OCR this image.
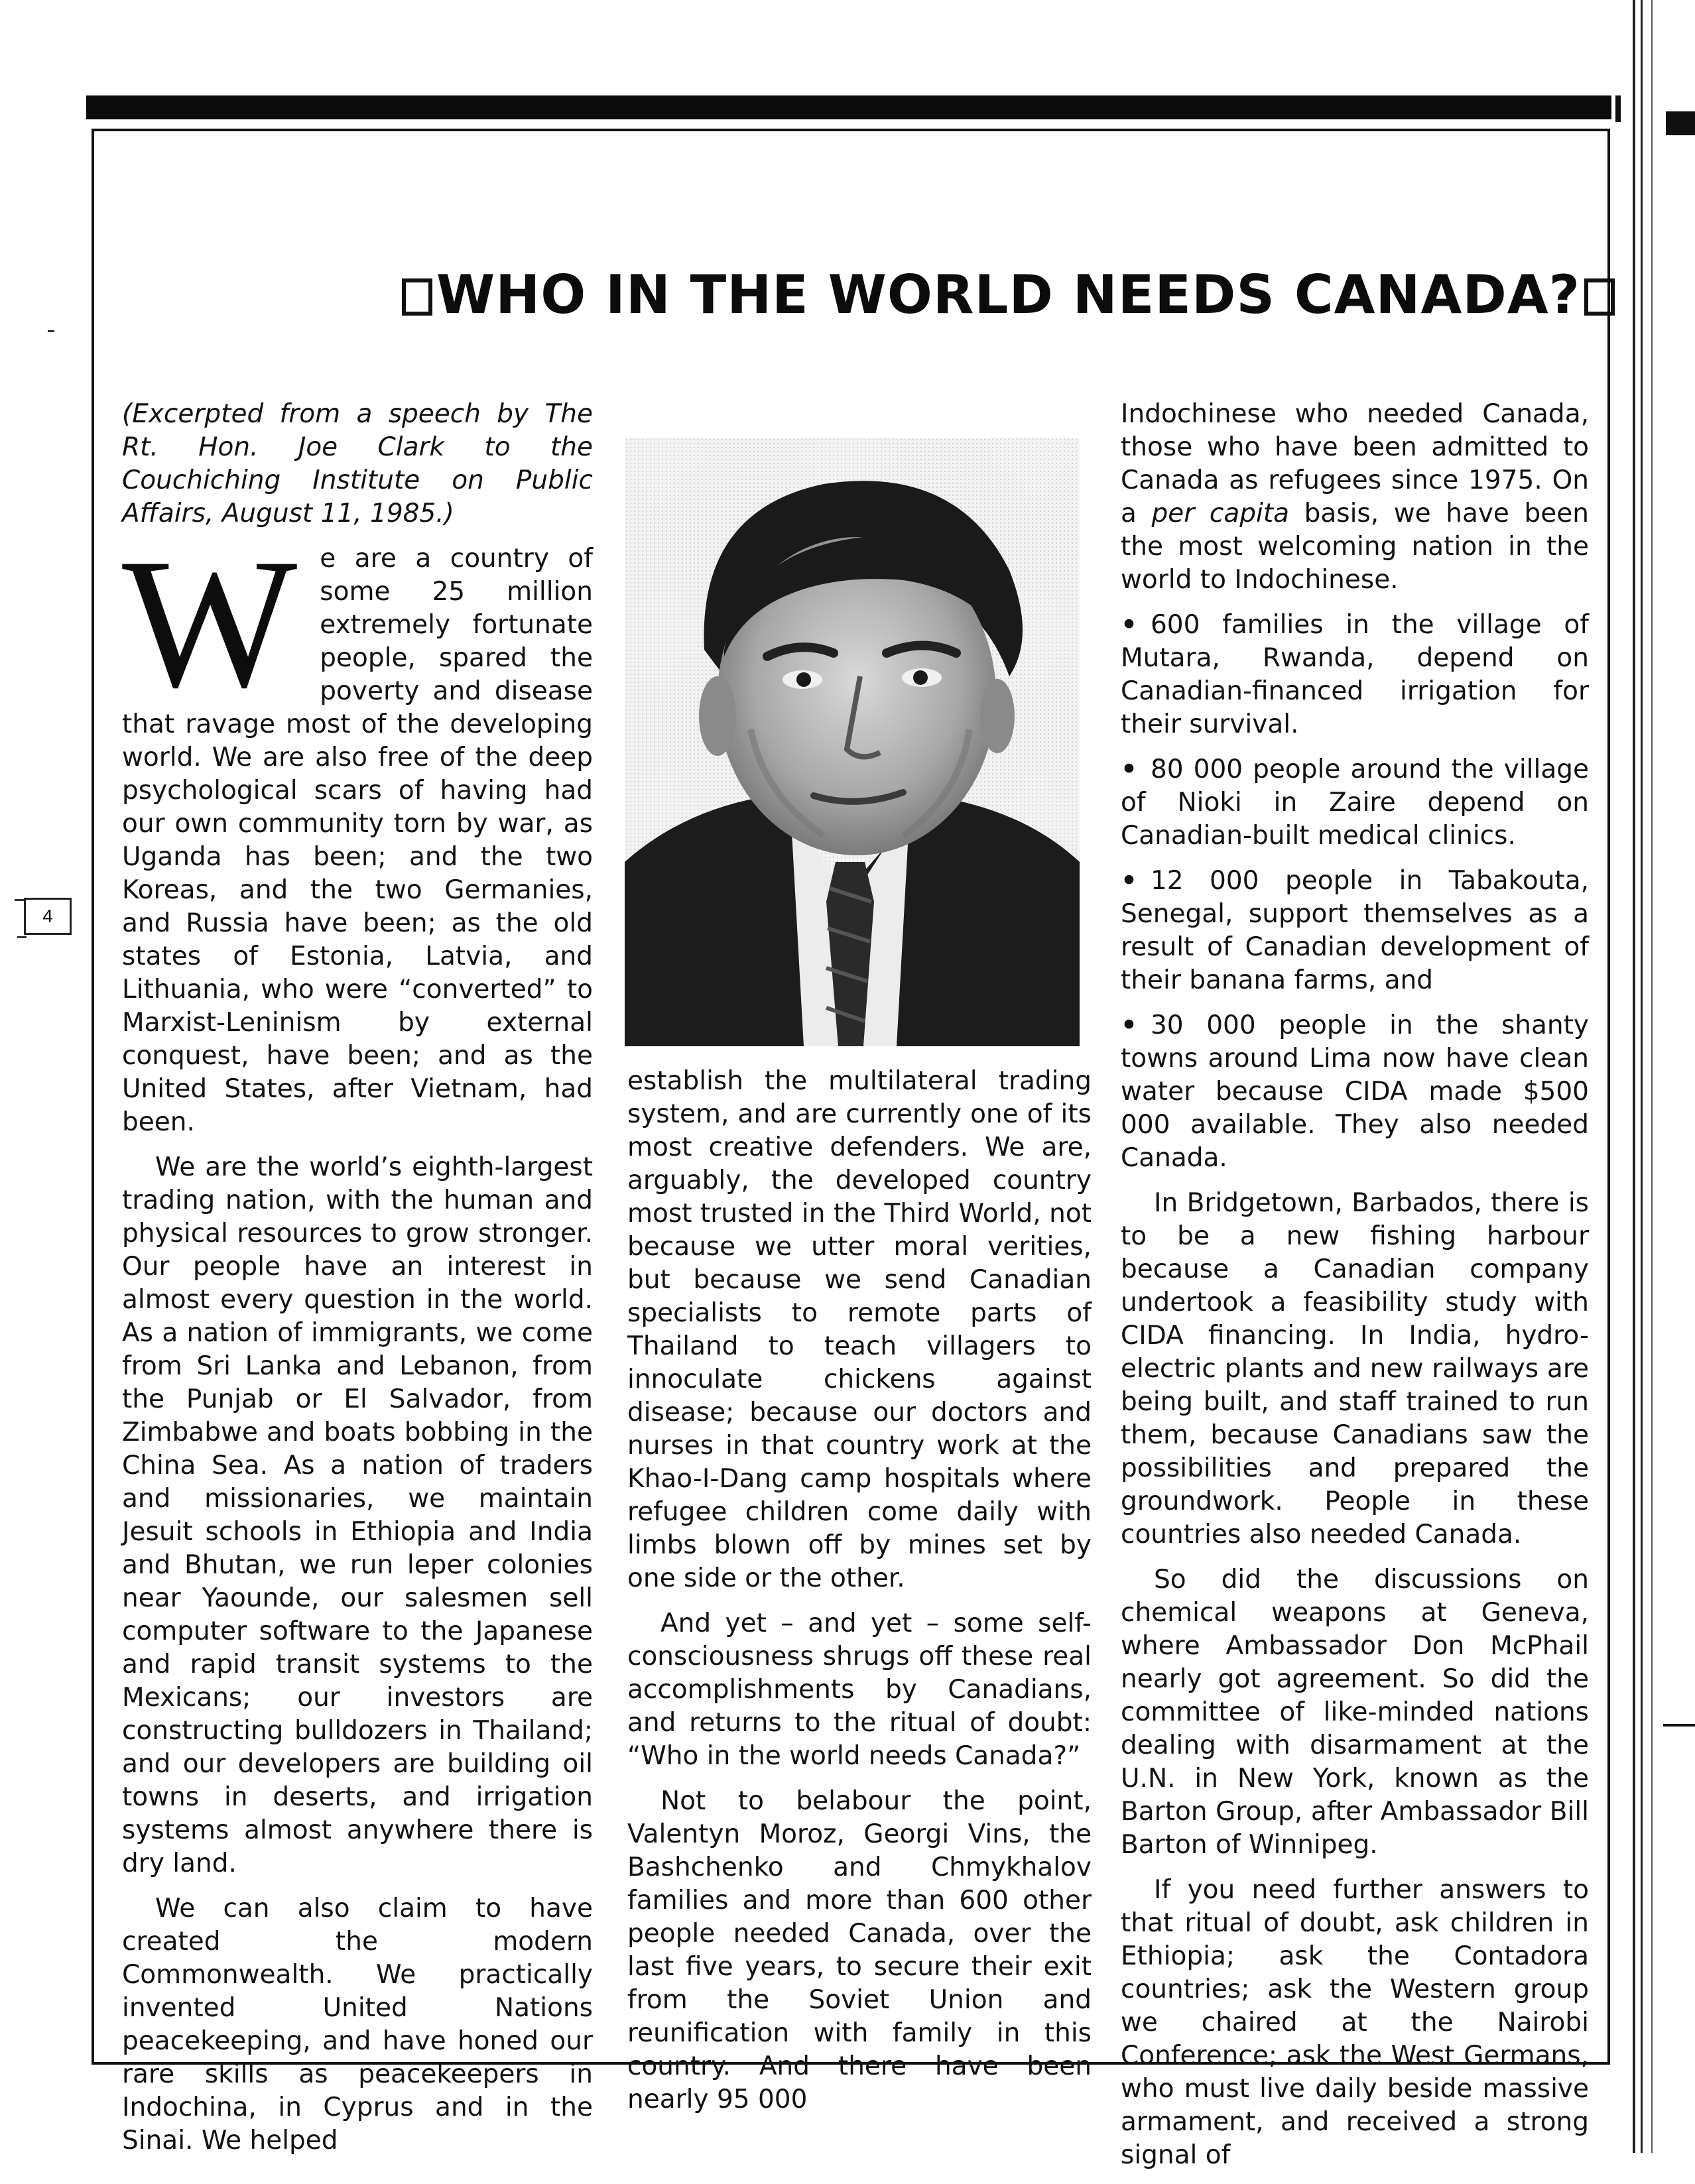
4
WHO IN THE WORLD NEEDS CANADA?

(Excerpted from a speech by The Rt. Hon. Joe Clark to the Couchiching Institute on Public Affairs, August 11, 1985.)

W e are a country of some 25 million extremely fortunate people, spared the poverty and disease that ravage most of the developing world. We are also free of the deep psychological scars of having had our own community torn by war, as Uganda has been; and the two Koreas, and the two Germanies, and Russia have been; as the old states of Estonia, Latvia, and Lithuania, who were “converted” to Marxist-Leninism by external conquest, have been; and as the United States, after Vietnam, had been.

We are the world’s eighth-largest trading nation, with the human and physical resources to grow stronger. Our people have an interest in almost every question in the world. As a nation of immigrants, we come from Sri Lanka and Lebanon, from the Punjab or El Salvador, from Zimbabwe and boats bobbing in the China Sea. As a nation of traders and missionaries, we maintain Jesuit schools in Ethiopia and India and Bhutan, we run leper colonies near Yaounde, our salesmen sell computer software to the Japanese and rapid transit systems to the Mexicans; our investors are constructing bulldozers in Thailand; and our developers are building oil towns in deserts, and irrigation systems almost anywhere there is dry land.

We can also claim to have created the modern Commonwealth. We practically invented United Nations peacekeeping, and have honed our rare skills as peacekeepers in Indochina, in Cyprus and in the Sinai. We helped

establish the multilateral trading system, and are currently one of its most creative defenders. We are, arguably, the developed country most trusted in the Third World, not because we utter moral verities, but because we send Canadian specialists to remote parts of Thailand to teach villagers to innoculate chickens against disease; because our doctors and nurses in that country work at the Khao-I-Dang camp hospitals where refugee children come daily with limbs blown off by mines set by one side or the other.

And yet – and yet – some self-consciousness shrugs off these real accomplishments by Canadians, and returns to the ritual of doubt: “Who in the world needs Canada?”

Not to belabour the point, Valentyn Moroz, Georgi Vins, the Bashchenko and Chmykhalov families and more than 600 other people needed Canada, over the last five years, to secure their exit from the Soviet Union and reunification with family in this country. And there have been nearly 95 000

Indochinese who needed Canada, those who have been admitted to Canada as refugees since 1975. On a per capita basis, we have been the most welcoming nation in the world to Indochinese.

• 600 families in the village of Mutara, Rwanda, depend on Canadian-financed irrigation for their survival.

• 80 000 people around the village of Nioki in Zaire depend on Canadian-built medical clinics.

• 12 000 people in Tabakouta, Senegal, support themselves as a result of Canadian development of their banana farms, and

• 30 000 people in the shanty towns around Lima now have clean water because CIDA made $500 000 available. They also needed Canada.

In Bridgetown, Barbados, there is to be a new fishing harbour because a Canadian company undertook a feasibility study with CIDA financing. In India, hydro-electric plants and new railways are being built, and staff trained to run them, because Canadians saw the possibilities and prepared the groundwork. People in these countries also needed Canada.

So did the discussions on chemical weapons at Geneva, where Ambassador Don McPhail nearly got agreement. So did the committee of like-minded nations dealing with disarmament at the U.N. in New York, known as the Barton Group, after Ambassador Bill Barton of Winnipeg.

If you need further answers to that ritual of doubt, ask children in Ethiopia; ask the Contadora countries; ask the Western group we chaired at the Nairobi Conference; ask the West Germans, who must live daily beside massive armament, and received a strong signal of
